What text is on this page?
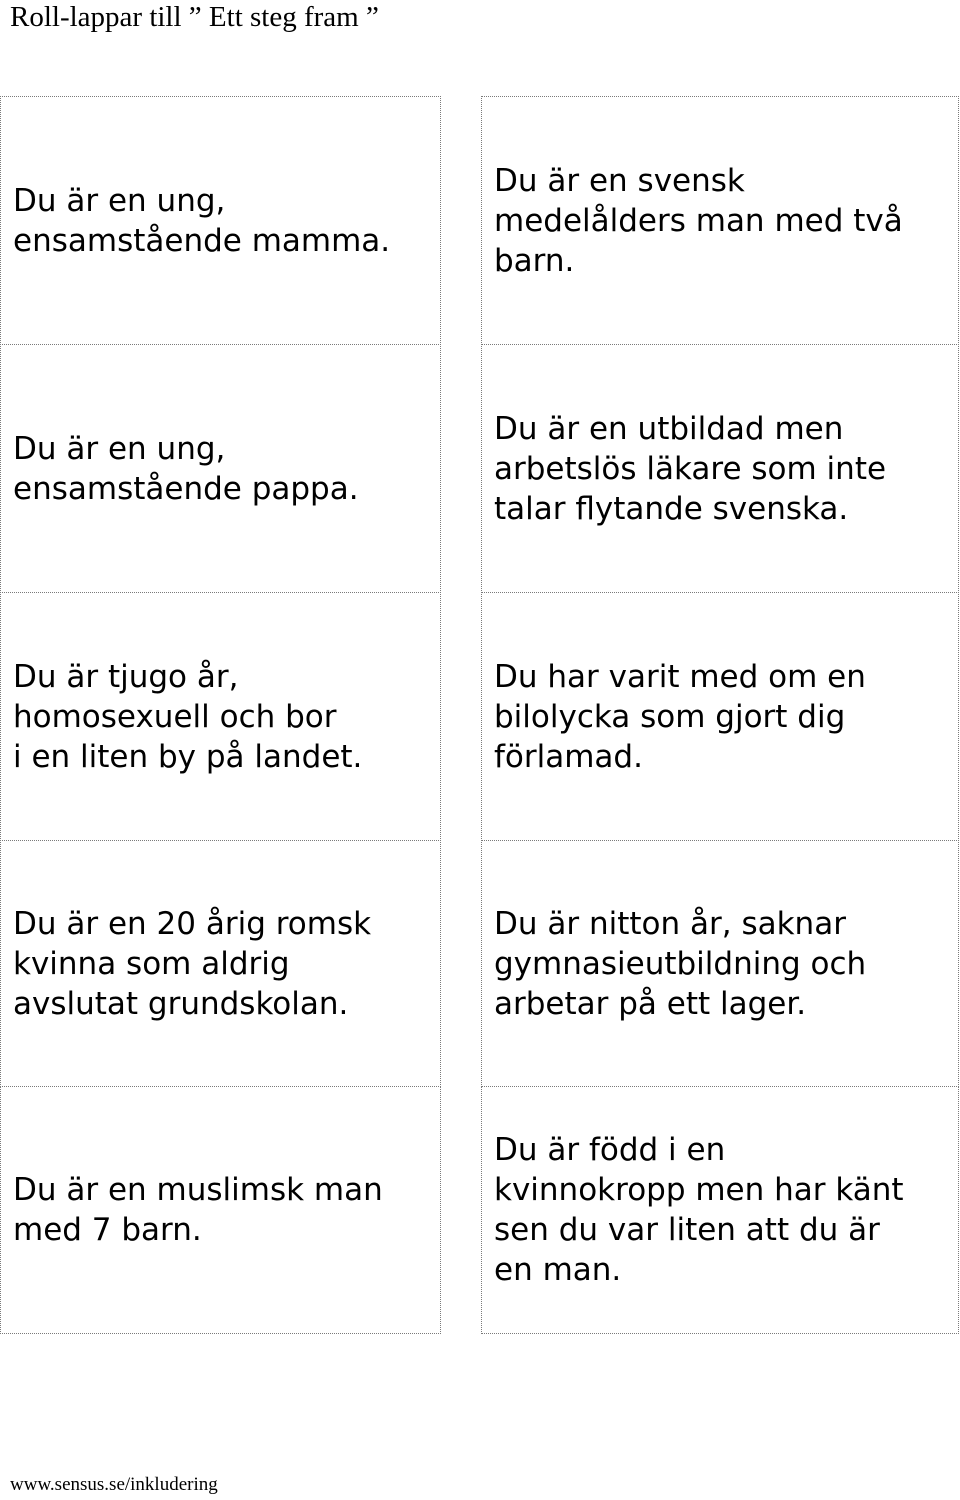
Roll-lappar till ” Ett steg fram ”
Du är en ung,
ensamstående mamma.
Du är en svensk
medelålders man med två
barn.
Du är en ung,
ensamstående pappa.
Du är en utbildad men
arbetslös läkare som inte
talar flytande svenska.
Du är tjugo år,
homosexuell och bor
i en liten by på landet.
Du har varit med om en
bilolycka som gjort dig
förlamad.
Du är en 20 årig romsk
kvinna som aldrig
avslutat grundskolan.
Du är nitton år, saknar
gymnasieutbildning och
arbetar på ett lager.
Du är en muslimsk man
med 7 barn.
Du är född i en
kvinnokropp men har känt
sen du var liten att du är
en man.
www.sensus.se/inkludering
